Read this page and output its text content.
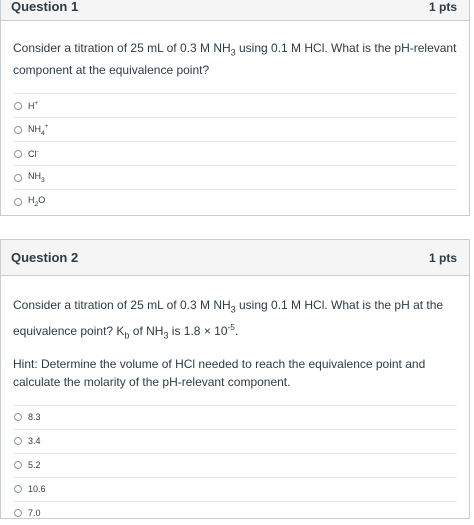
Question 1	1 pts

Consider a titration of 25 mL of 0.3 M $NH_3$ using 0.1 M HCl. What is the pH-relevant component at the equivalence point?

H+
$NH_4^+$
Cl-
$NH_3$
$H_2O$
Question 2	1 pts

Consider a titration of 25 mL of 0.3 M $NH_3$ using 0.1 M HCl. What is the pH at the equivalence point? $K_b$ of $NH_3$ is $1.8 \times 10^{-5}$.

Hint: Determine the volume of HCl needed to reach the equivalence point and calculate the molarity of the pH-relevant component.

8.3
3.4
5.2
10.6
7.0
